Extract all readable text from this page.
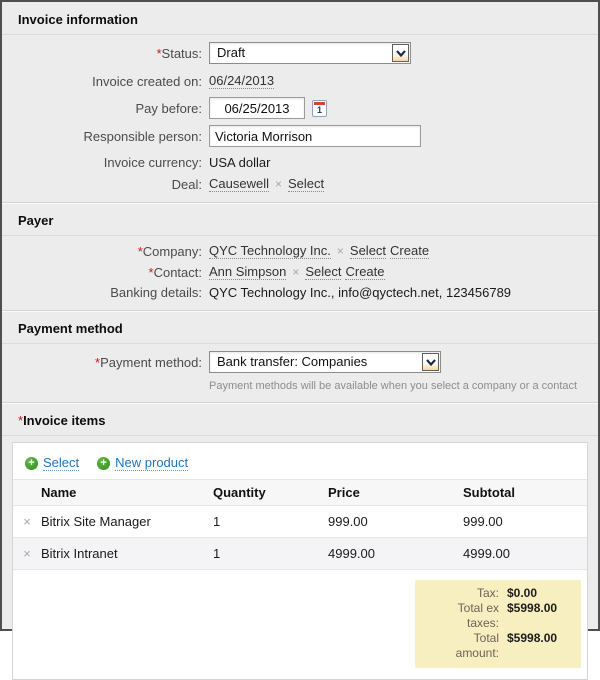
Invoice information
*Status:	Draft
Invoice created on: 06/24/2013
Pay before:
06/25/2013	1
Responsible person:
Victoria Morrison
Invoice currency: USA dollar
Deal: Causewell × Select
Payer
*Company: QYC Technology Inc. × Select Create
*Contact: Ann Simpson × Select Create
Banking details: QYC Technology Inc., info@qyctech.net, 123456789
Payment method
*Payment method:	Bank transfer: Companies
Payment methods will be available when you select a company or a contact
*Invoice items
+ Select + New product
	Name	Quantity	Price	Subtotal
×	Bitrix Site Manager	1	999.00	999.00
×	Bitrix Intranet	1	4999.00	4999.00
Tax: $0.00
Total ex taxes:
$5998.00
Total amount:
$5998.00
